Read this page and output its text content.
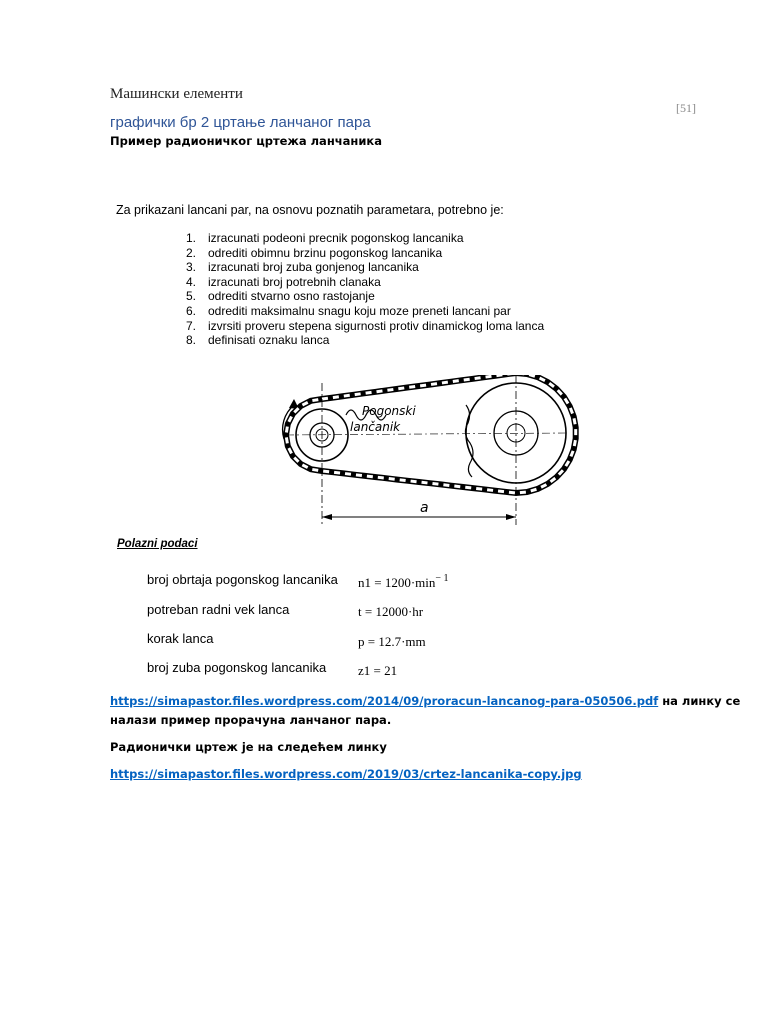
Машински елементи
[51]
графички бр 2 цртање ланчаног пара
Пример радионичког цртежа ланчаника
Za prikazani lancani par, na osnovu poznatih parametara, potrebno je:
1. izracunati podeoni precnik pogonskog lancanika
2. odrediti obimnu brzinu pogonskog lancanika
3. izracunati broj zuba gonjenog lancanika
4. izracunati broj potrebnih clanaka
5. odrediti stvarno osno rastojanje
6. odrediti maksimalnu snagu koju moze preneti lancani par
7. izvrsiti proveru stepena sigurnosti protiv dinamickog loma lanca
8. definisati oznaku lanca
Pogonski
lančanik
a
Polazni podaci
broj obrtaja pogonskog lancanika $n1 = 1200\cdot\min^{- 1}$
potreban radni vek lanca	t = 12000·hr
korak lanca	p = 12.7·mm
broj zuba pogonskog lancanika z1 = 21
https://simapastor.files.wordpress.com/2014/09/proracun-lancanog-para-050506.pdf на линку се
налази пример прорачуна ланчаног пара.
Радионички цртеж је на следећем линку
https://simapastor.files.wordpress.com/2019/03/crtez-lancanika-copy.jpg
